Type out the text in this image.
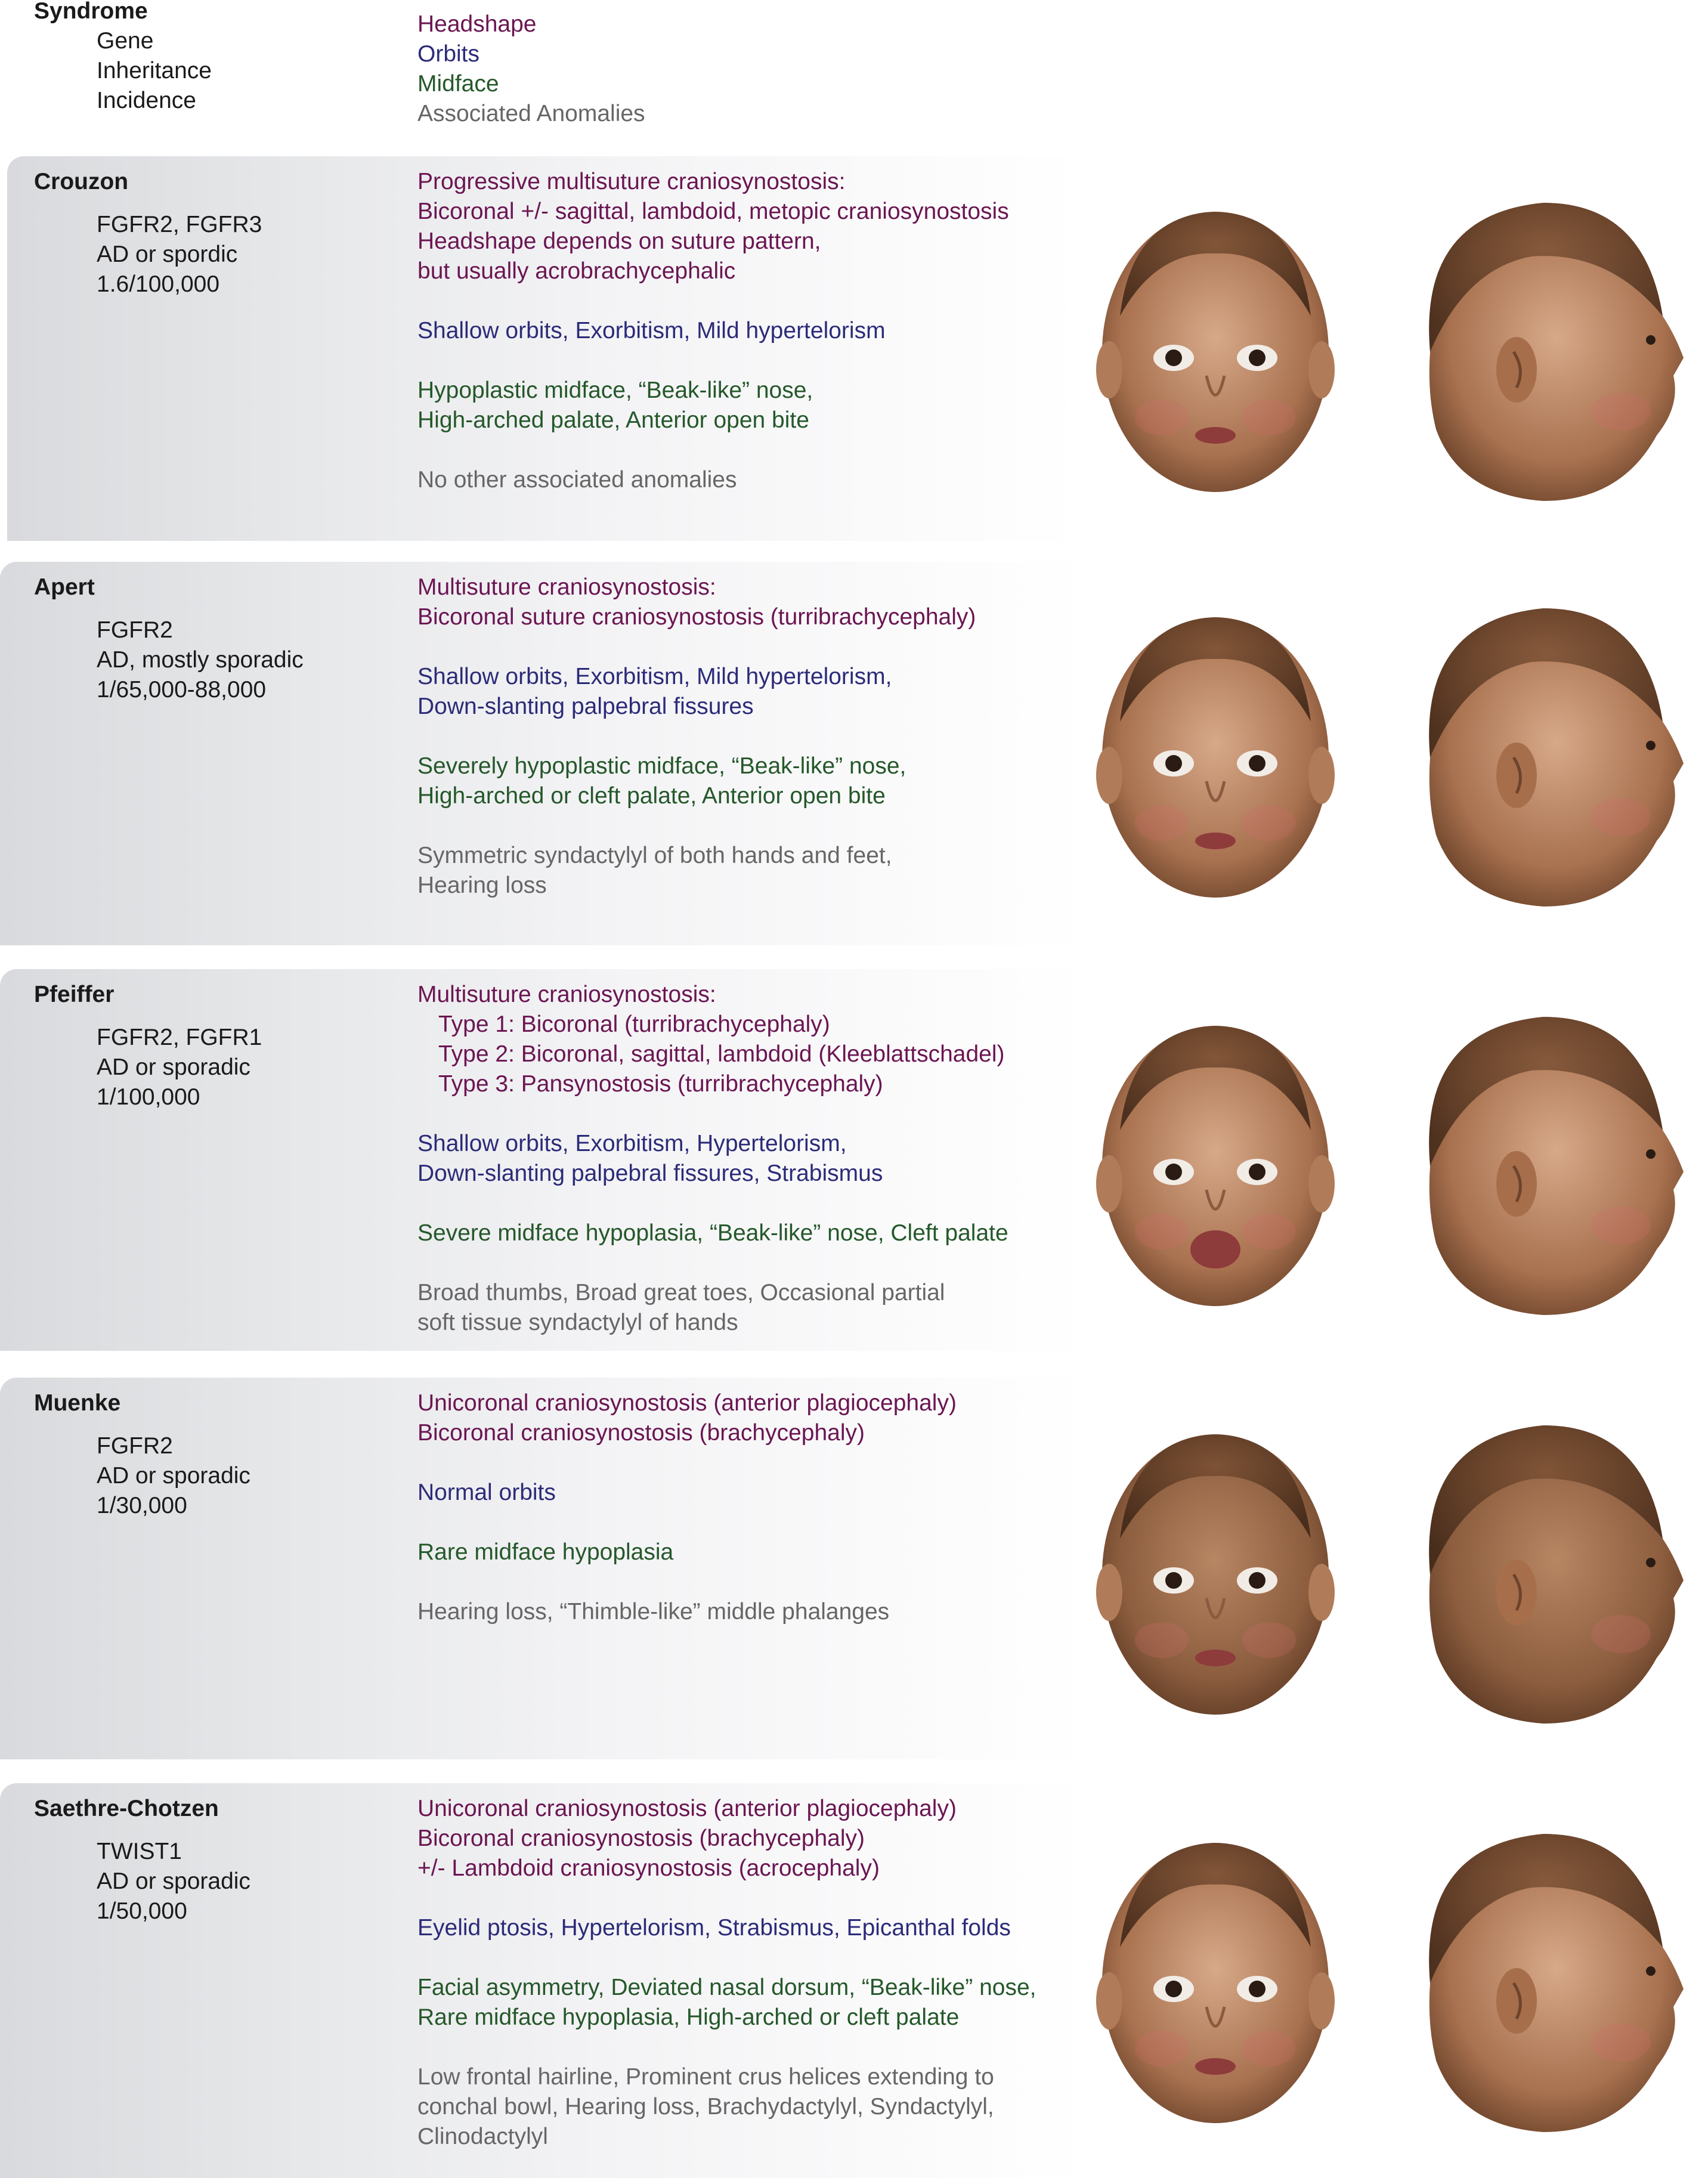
Syndrome
Gene
Inheritance
Incidence
Headshape
Orbits
Midface
Associated Anomalies
Crouzon
FGFR2, FGFR3
AD or spordic
1.6/100,000
Progressive multisuture craniosynostosis:
Bicoronal +/- sagittal, lambdoid, metopic craniosynostosis
Headshape depends on suture pattern,
but usually acrobrachycephalic
Shallow orbits, Exorbitism, Mild hypertelorism
Hypoplastic midface, “Beak-like” nose,
High-arched palate, Anterior open bite
No other associated anomalies
Apert
FGFR2
AD, mostly sporadic
1/65,000-88,000
Multisuture craniosynostosis:
Bicoronal suture craniosynostosis (turribrachycephaly)
Shallow orbits, Exorbitism, Mild hypertelorism,
Down-slanting palpebral fissures
Severely hypoplastic midface, “Beak-like” nose,
High-arched or cleft palate, Anterior open bite
Symmetric syndactylyl of both hands and feet,
Hearing loss
Pfeiffer
FGFR2, FGFR1
AD or sporadic
1/100,000
Multisuture craniosynostosis:
Type 1: Bicoronal (turribrachycephaly)
Type 2: Bicoronal, sagittal, lambdoid (Kleeblattschadel)
Type 3: Pansynostosis (turribrachycephaly)
Shallow orbits, Exorbitism, Hypertelorism,
Down-slanting palpebral fissures, Strabismus
Severe midface hypoplasia, “Beak-like” nose, Cleft palate
Broad thumbs, Broad great toes, Occasional partial
soft tissue syndactylyl of hands
Muenke
FGFR2
AD or sporadic
1/30,000
Unicoronal craniosynostosis (anterior plagiocephaly)
Bicoronal craniosynostosis (brachycephaly)
Normal orbits
Rare midface hypoplasia
Hearing loss, “Thimble-like” middle phalanges
Saethre-Chotzen
TWIST1
AD or sporadic
1/50,000
Unicoronal craniosynostosis (anterior plagiocephaly)
Bicoronal craniosynostosis (brachycephaly)
+/- Lambdoid craniosynostosis (acrocephaly)
Eyelid ptosis, Hypertelorism, Strabismus, Epicanthal folds
Facial asymmetry, Deviated nasal dorsum, “Beak-like” nose,
Rare midface hypoplasia, High-arched or cleft palate
Low frontal hairline, Prominent crus helices extending to
conchal bowl, Hearing loss, Brachydactylyl, Syndactylyl,
Clinodactylyl
